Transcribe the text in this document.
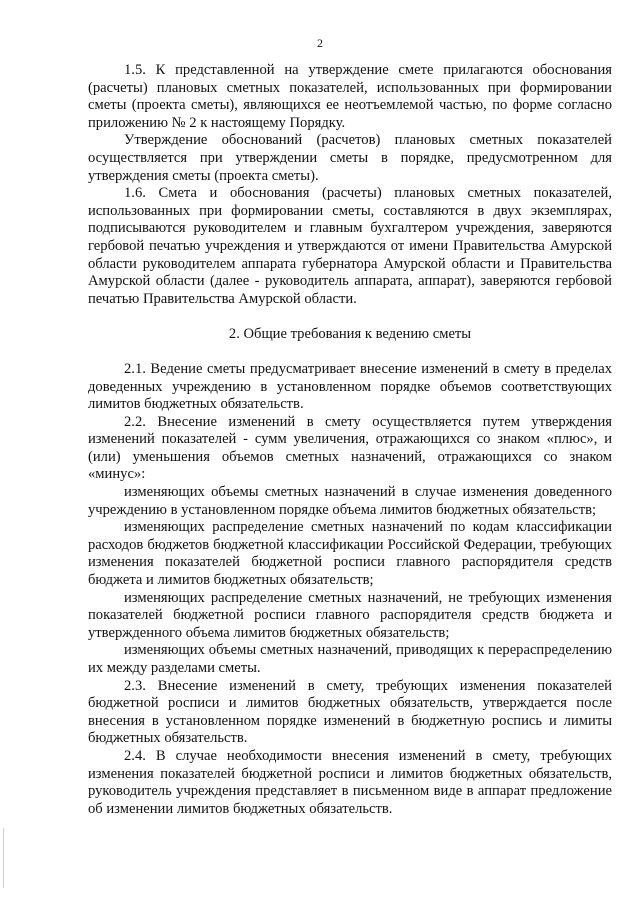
2

1.5. К представленной на утверждение смете прилагаются обоснования (расчеты) плановых сметных показателей, использованных при формировании сметы (проекта сметы), являющихся ее неотъемлемой частью, по форме согласно приложению № 2 к настоящему Порядку.

Утверждение обоснований (расчетов) плановых сметных показателей осуществляется при утверждении сметы в порядке, предусмотренном для утверждения сметы (проекта сметы).

1.6. Смета и обоснования (расчеты) плановых сметных показателей, использованных при формировании сметы, составляются в двух экземплярах, подписываются руководителем и главным бухгалтером учреждения, заверяются гербовой печатью учреждения и утверждаются от имени Правительства Амурской области руководителем аппарата губернатора Амурской области и Правительства Амурской области (далее - руководитель аппарата, аппарат), заверяются гербовой печатью Правительства Амурской области.

2. Общие требования к ведению сметы

2.1. Ведение сметы предусматривает внесение изменений в смету в пределах доведенных учреждению в установленном порядке объемов соответствующих лимитов бюджетных обязательств.

2.2. Внесение изменений в смету осуществляется путем утверждения изменений показателей - сумм увеличения, отражающихся со знаком «плюс», и (или) уменьшения объемов сметных назначений, отражающихся со знаком «минус»:

изменяющих объемы сметных назначений в случае изменения доведенного учреждению в установленном порядке объема лимитов бюджетных обязательств;

изменяющих распределение сметных назначений по кодам классификации расходов бюджетов бюджетной классификации Российской Федерации, требующих изменения показателей бюджетной росписи главного распорядителя средств бюджета и лимитов бюджетных обязательств;

изменяющих распределение сметных назначений, не требующих изменения показателей бюджетной росписи главного распорядителя средств бюджета и утвержденного объема лимитов бюджетных обязательств;

изменяющих объемы сметных назначений, приводящих к перераспределению их между разделами сметы.

2.3. Внесение изменений в смету, требующих изменения показателей бюджетной росписи и лимитов бюджетных обязательств, утверждается после внесения в установленном порядке изменений в бюджетную роспись и лимиты бюджетных обязательств.

2.4. В случае необходимости внесения изменений в смету, требующих изменения показателей бюджетной росписи и лимитов бюджетных обязательств, руководитель учреждения представляет в письменном виде в аппарат предложение об изменении лимитов бюджетных обязательств.
